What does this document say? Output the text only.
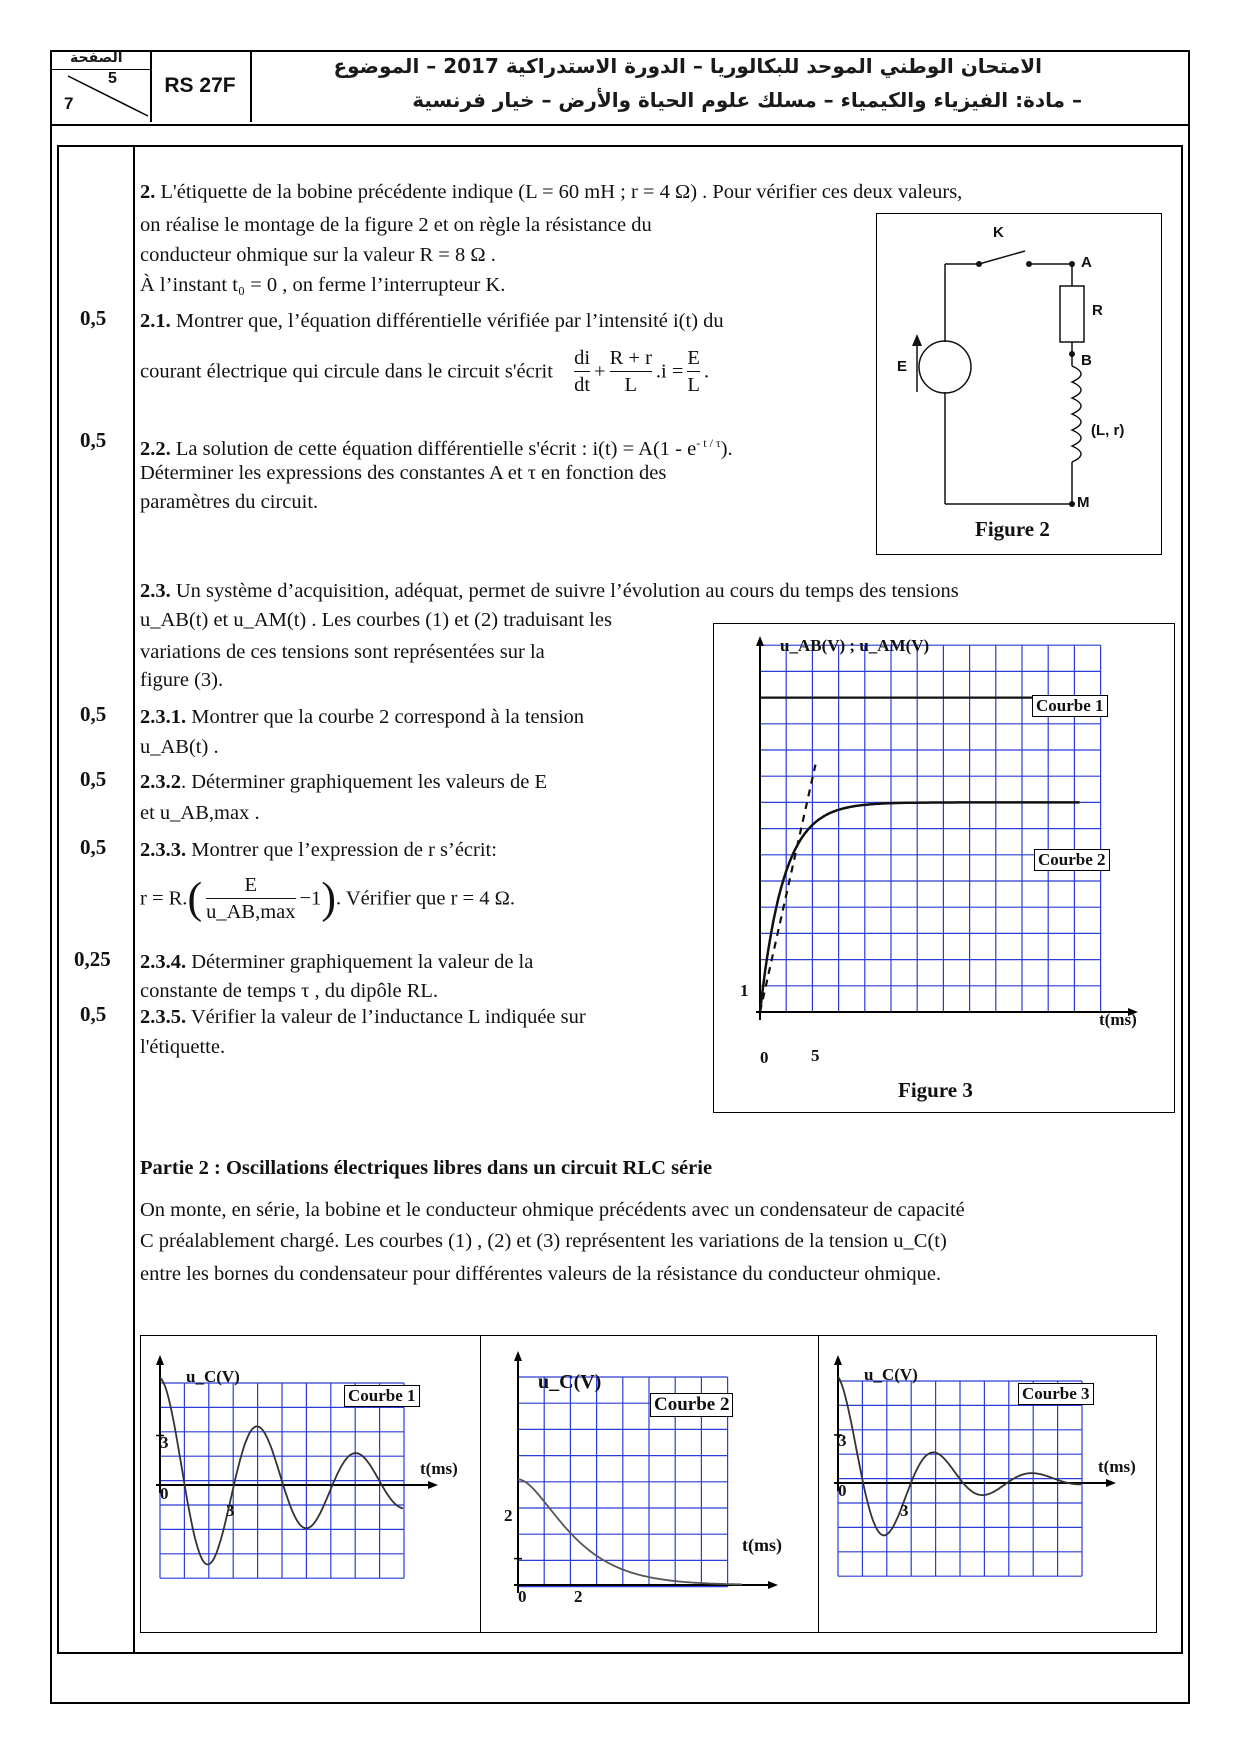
الصفحة
5
7
RS 27F
الامتحان الوطني الموحد للبكالوريا – الدورة الاستدراكية 2017 – الموضوع
– مادة: الفيزياء والكيمياء – مسلك علوم الحياة والأرض – خيار فرنسية
0,5
0,5
0,5
0,5
0,5
0,25
0,5
2. L'étiquette de la bobine précédente indique (L = 60 mH ; r = 4 Ω) . Pour vérifier ces deux valeurs,
on réalise le montage de la figure 2 et on règle la résistance du
conducteur ohmique sur la valeur R = 8 Ω .
À l’instant t₀ = 0 , on ferme l’interrupteur K.
2.1. Montrer que, l’équation différentielle vérifiée par l’intensité i(t) du
courant électrique qui circule dans le circuit s'écrit $\frac{di}{dt} + \frac{R + r}{L} .i = \frac{E}{L}$ .
2.2. La solution de cette équation différentielle s'écrit : $i(t) = A(1 - e^{- t / \tau})$.
Déterminer les expressions des constantes A et τ en fonction des
paramètres du circuit.
K
A
R
B
E
(L, r)
M
Figure 2
2.3. Un système d’acquisition, adéquat, permet de suivre l’évolution au cours du temps des tensions
u_AB(t) et u_AM(t) . Les courbes (1) et (2) traduisant les
variations de ces tensions sont représentées sur la
figure (3).
2.3.1. Montrer que la courbe 2 correspond à la tension
u_AB(t) .
2.3.2. Déterminer graphiquement les valeurs de E
et u_AB,max .
2.3.3. Montrer que l’expression de r s’écrit:
$r = R.( \frac{E}{u\_AB,\max} -1)$. Vérifier que r = 4 Ω.
2.3.4. Déterminer graphiquement la valeur de la
constante de temps τ , du dipôle RL.
2.3.5. Vérifier la valeur de l’inductance L indiquée sur
l'étiquette.
u_AB(V) ; u_AM(V)
Courbe 1
Courbe 2
1
0	5
t(ms)
Figure 3
Partie 2 : Oscillations électriques libres dans un circuit RLC série
On monte, en série, la bobine et le conducteur ohmique précédents avec un condensateur de capacité
C préalablement chargé. Les courbes (1) , (2) et (3) représentent les variations de la tension u_C(t)
entre les bornes du condensateur pour différentes valeurs de la résistance du conducteur ohmique.
u_C(V)
Courbe 1
3
0
3
t(ms)
u_C(V)
Courbe 2
2
0	2
t(ms)
u_C(V)
Courbe 3
3
0
3
t(ms)
